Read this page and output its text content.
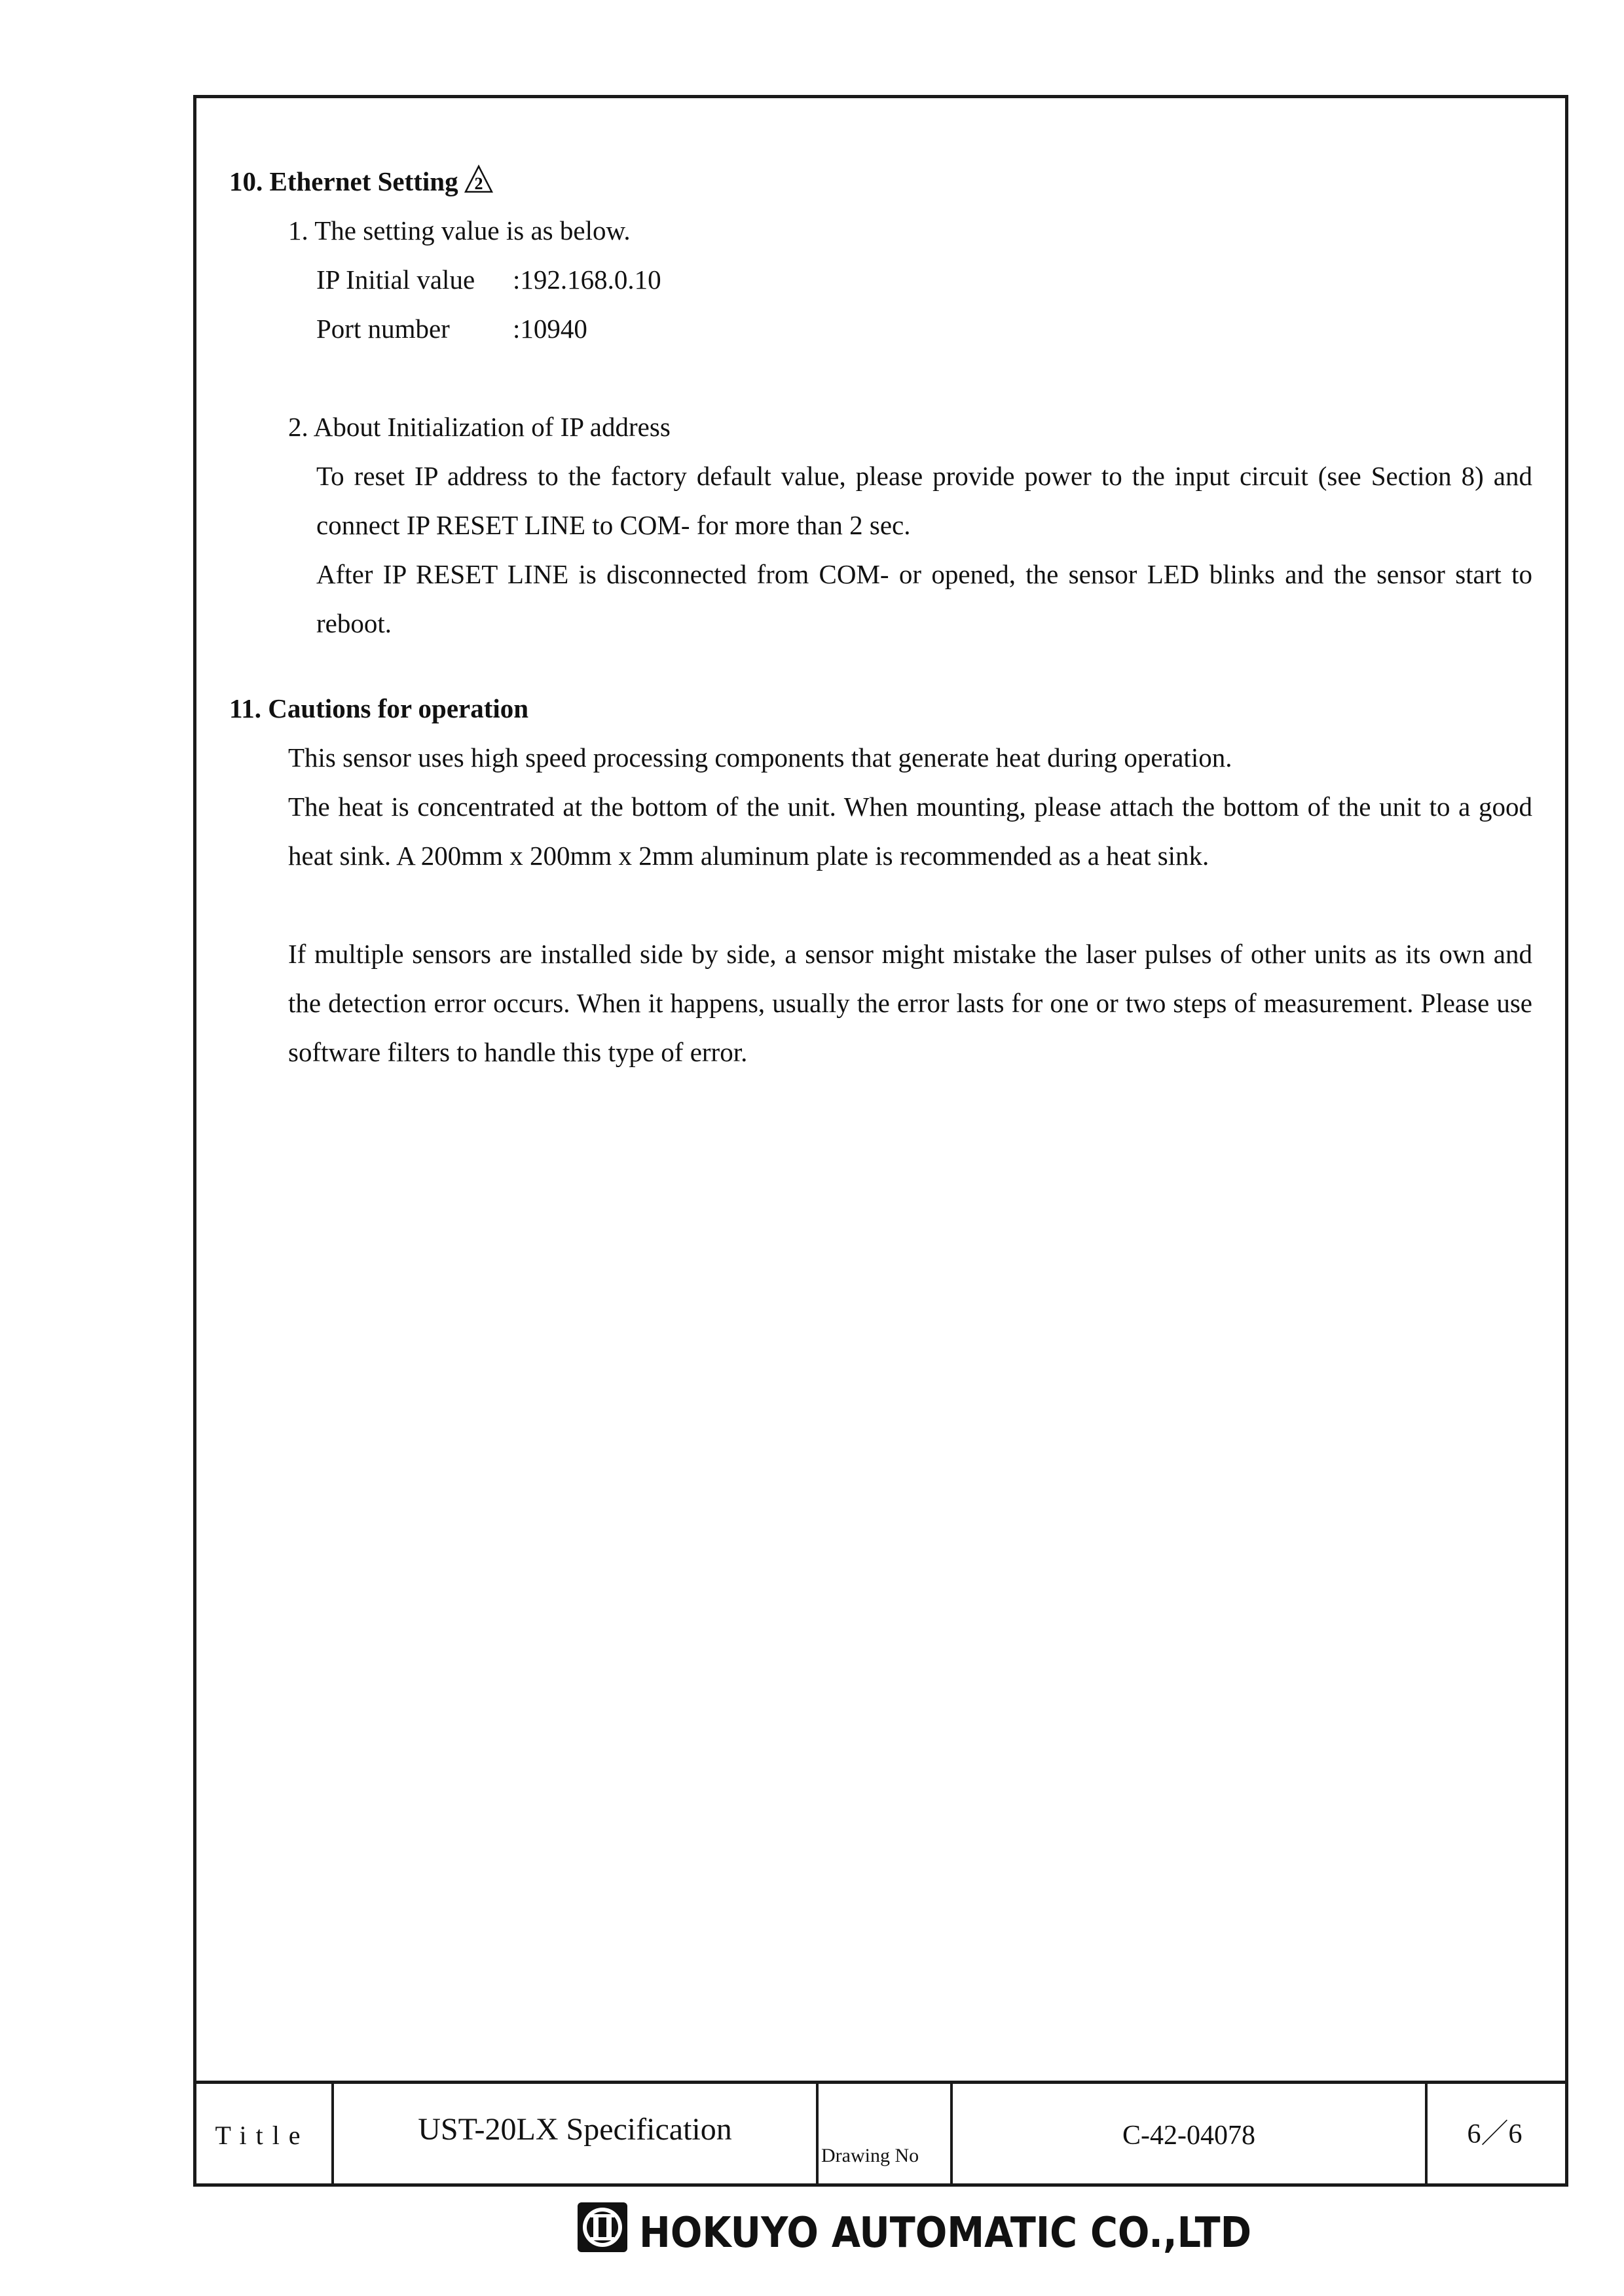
10. Ethernet Setting 2

1. The setting value is as below.

IP Initial value	:192.168.0.10
Port number	:10940

2. About Initialization of IP address

To reset IP address to the factory default value, please provide power to the input circuit (see Section 8) and connect IP RESET LINE to COM- for more than 2 sec.

After IP RESET LINE is disconnected from COM- or opened, the sensor LED blinks and the sensor start to reboot.

11. Cautions for operation

This sensor uses high speed processing components that generate heat during operation.

The heat is concentrated at the bottom of the unit. When mounting, please attach the bottom of the unit to a good heat sink. A 200mm x 200mm x 2mm aluminum plate is recommended as a heat sink.

If multiple sensors are installed side by side, a sensor might mistake the laser pulses of other units as its own and the detection error occurs. When it happens, usually the error lasts for one or two steps of measurement. Please use software filters to handle this type of error.

Title	UST-20LX Specification
Drawing No
C-42-04078	6／6
HOKUYO AUTOMATIC CO.,LTD
